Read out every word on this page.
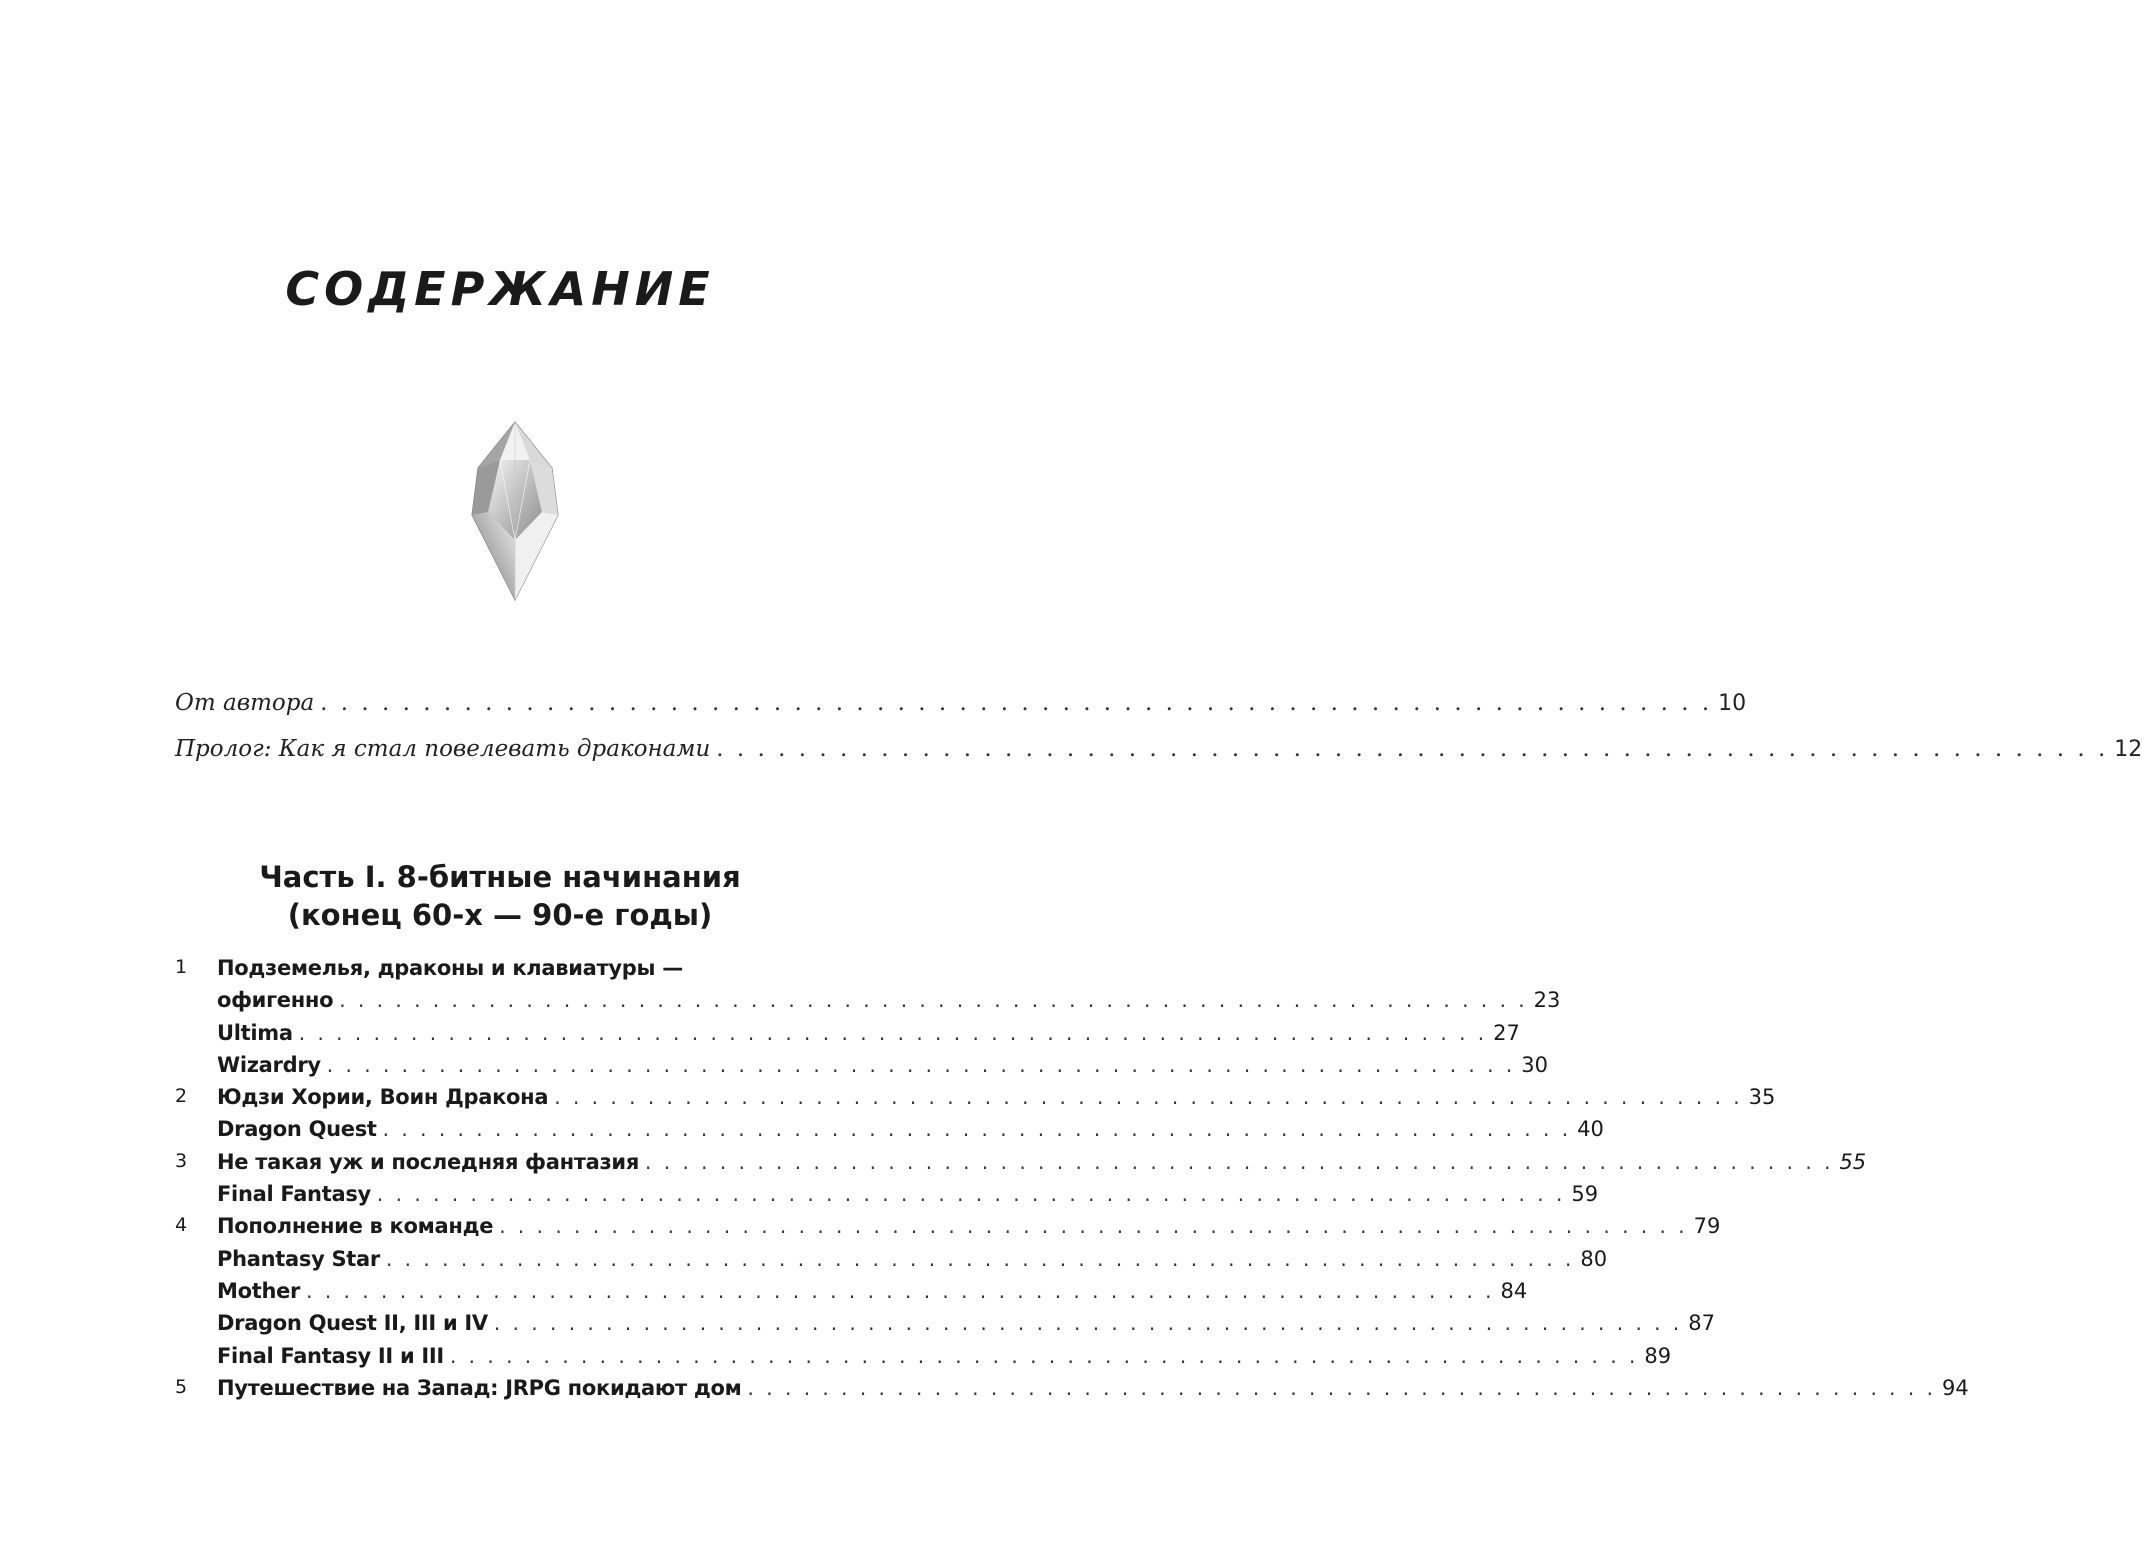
СОДЕРЖАНИЕ
От автора . . . . . . . . . . . . . . . . . . . . . . . . . . . . . . . . . . . . . . . . . . . . . . . . . . . . . . . . . . . . . . . . . . . . 10
Пролог: Как я стал повелевать драконами . . . . . . . . . . . . . . . . . . . . . . . . . . . . . . . . . . . . . . . . . . . . . . . . . . . . . . . . . . . . . . . . . . . . 12
Часть I. 8-битные начинания
(конец 60-х — 90-е годы)
1	Подземелья, драконы и клавиатуры —
офигенно . . . . . . . . . . . . . . . . . . . . . . . . . . . . . . . . . . . . . . . . . . . . . . . . . . . . . . . . . . . . . . . . 23
Ultima . . . . . . . . . . . . . . . . . . . . . . . . . . . . . . . . . . . . . . . . . . . . . . . . . . . . . . . . . . . . . . . . 27
Wizardry . . . . . . . . . . . . . . . . . . . . . . . . . . . . . . . . . . . . . . . . . . . . . . . . . . . . . . . . . . . . . . . . 30
2	Юдзи Хории, Воин Дракона . . . . . . . . . . . . . . . . . . . . . . . . . . . . . . . . . . . . . . . . . . . . . . . . . . . . . . . . . . . . . . . . 35
Dragon Quest . . . . . . . . . . . . . . . . . . . . . . . . . . . . . . . . . . . . . . . . . . . . . . . . . . . . . . . . . . . . . . . . 40
3	Не такая уж и последняя фантазия . . . . . . . . . . . . . . . . . . . . . . . . . . . . . . . . . . . . . . . . . . . . . . . . . . . . . . . . . . . . . . . . 55
Final Fantasy . . . . . . . . . . . . . . . . . . . . . . . . . . . . . . . . . . . . . . . . . . . . . . . . . . . . . . . . . . . . . . . . 59
4	Пополнение в команде . . . . . . . . . . . . . . . . . . . . . . . . . . . . . . . . . . . . . . . . . . . . . . . . . . . . . . . . . . . . . . . . 79
Phantasy Star . . . . . . . . . . . . . . . . . . . . . . . . . . . . . . . . . . . . . . . . . . . . . . . . . . . . . . . . . . . . . . . . 80
Mother . . . . . . . . . . . . . . . . . . . . . . . . . . . . . . . . . . . . . . . . . . . . . . . . . . . . . . . . . . . . . . . . 84
Dragon Quest II, III и IV . . . . . . . . . . . . . . . . . . . . . . . . . . . . . . . . . . . . . . . . . . . . . . . . . . . . . . . . . . . . . . . . 87
Final Fantasy II и III . . . . . . . . . . . . . . . . . . . . . . . . . . . . . . . . . . . . . . . . . . . . . . . . . . . . . . . . . . . . . . . . 89
5	Путешествие на Запад: JRPG покидают дом . . . . . . . . . . . . . . . . . . . . . . . . . . . . . . . . . . . . . . . . . . . . . . . . . . . . . . . . . . . . . . . . 94
